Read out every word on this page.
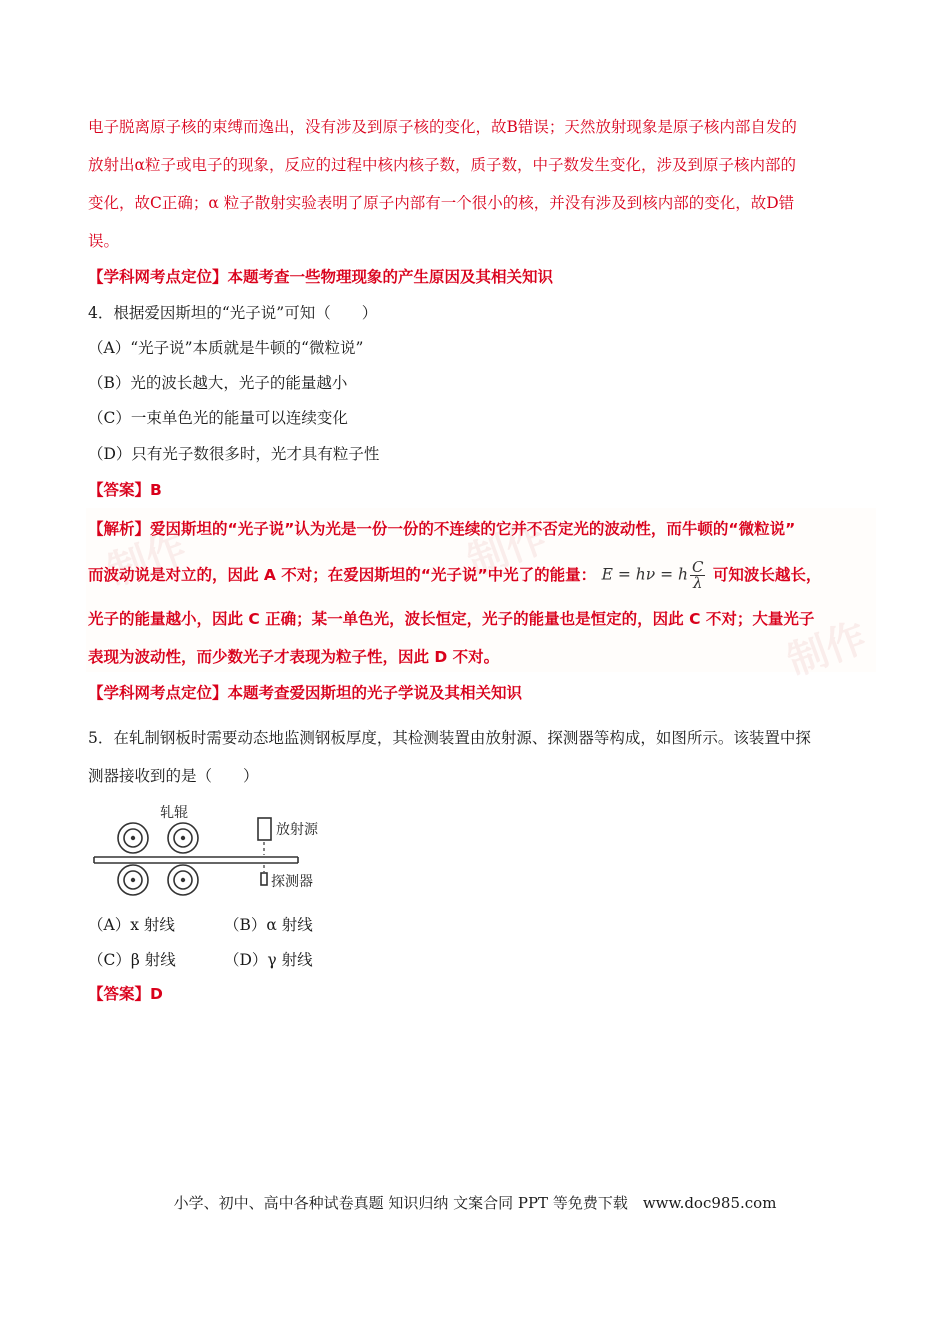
电子脱离原子核的束缚而逸出，没有涉及到原子核的变化，故B错误；天然放射现象是原子核内部自发的
放射出α粒子或电子的现象，反应的过程中核内核子数，质子数，中子数发生变化，涉及到原子核内部的
变化，故C正确；α 粒子散射实验表明了原子内部有一个很小的核，并没有涉及到核内部的变化，故D错
误。
【学科网考点定位】本题考查一些物理现象的产生原因及其相关知识
4．根据爱因斯坦的“光子说”可知（　　）
（A）“光子说”本质就是牛顿的“微粒说”
（B）光的波长越大，光子的能量越小
（C）一束单色光的能量可以连续变化
（D）只有光子数很多时，光才具有粒子性
【答案】B
制作	制作
制作
【解析】爱因斯坦的“光子说”认为光是一份一份的不连续的它并不否定光的波动性，而牛顿的“微粒说”
而波动说是对立的，因此 A 不对；在爱因斯坦的“光子说”中光了的能量： E = hν = h $\frac{C}{\lambda}$ 可知波长越长，
光子的能量越小，因此 C 正确；某一单色光，波长恒定，光子的能量也是恒定的，因此 C 不对；大量光子
表现为波动性，而少数光子才表现为粒子性，因此 D 不对。
【学科网考点定位】本题考查爱因斯坦的光子学说及其相关知识
5．在轧制钢板时需要动态地监测钢板厚度，其检测装置由放射源、探测器等构成，如图所示。该装置中探
测器接收到的是（　　）
轧辊
放射源
探测器
（A）x 射线	（B）α 射线
（C）β 射线	（D）γ 射线
【答案】D
小学、初中、高中各种试卷真题 知识归纳 文案合同 PPT 等免费下载　www.doc985.com
